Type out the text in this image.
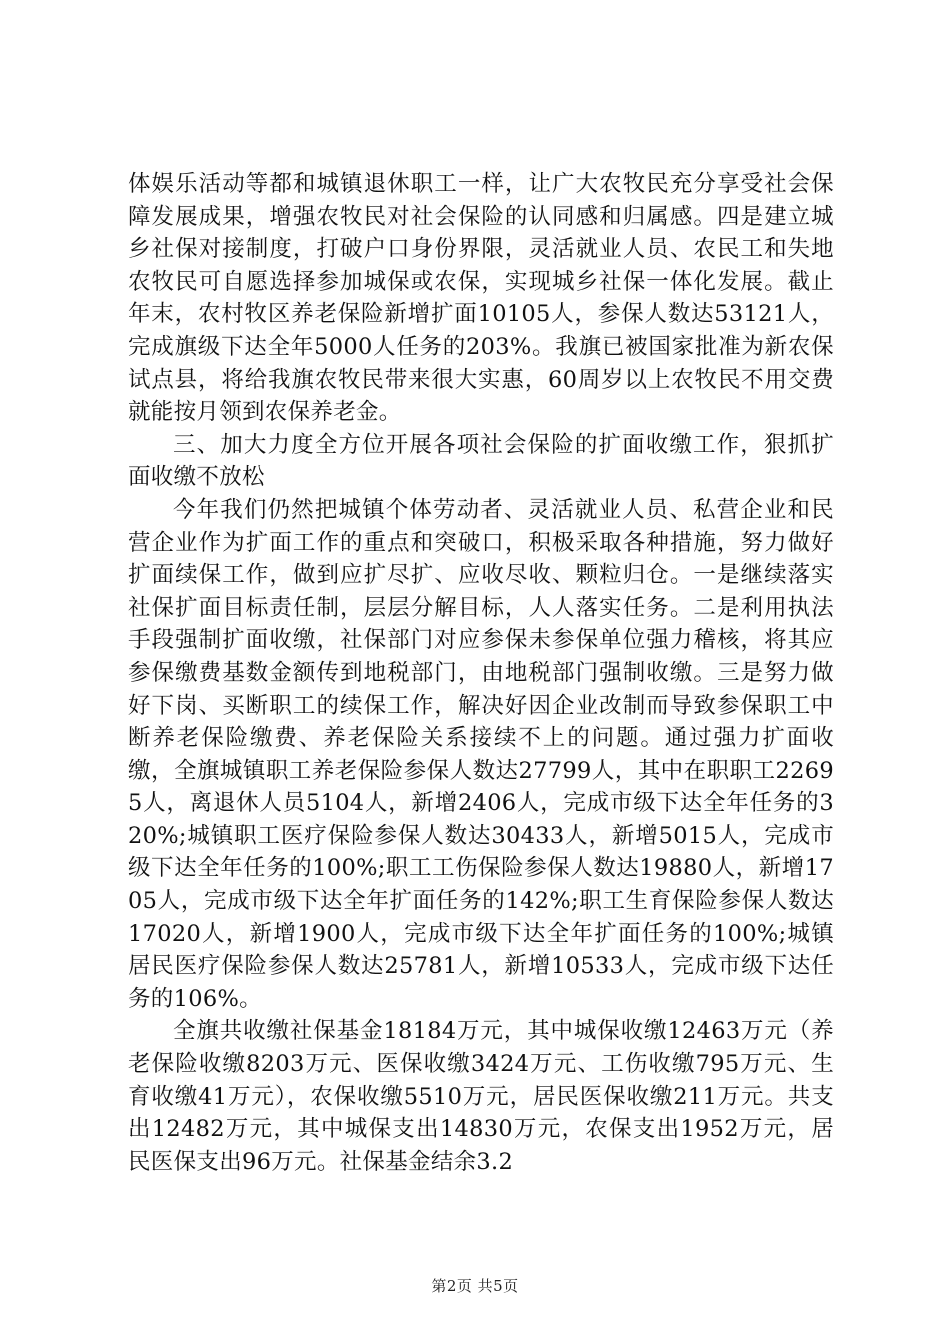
体娱乐活动等都和城镇退休职工一样，让广大农牧民充分享受社会保障发展成果，增强农牧民对社会保险的认同感和归属感。四是建立城乡社保对接制度，打破户口身份界限，灵活就业人员、农民工和失地农牧民可自愿选择参加城保或农保，实现城乡社保一体化发展。截止年末，农村牧区养老保险新增扩面10105人，参保人数达53121人，完成旗级下达全年5000人任务的203%。我旗已被国家批准为新农保试点县，将给我旗农牧民带来很大实惠，60周岁以上农牧民不用交费就能按月领到农保养老金。

三、加大力度全方位开展各项社会保险的扩面收缴工作，狠抓扩面收缴不放松

今年我们仍然把城镇个体劳动者、灵活就业人员、私营企业和民营企业作为扩面工作的重点和突破口，积极采取各种措施，努力做好扩面续保工作，做到应扩尽扩、应收尽收、颗粒归仓。一是继续落实社保扩面目标责任制，层层分解目标，人人落实任务。二是利用执法手段强制扩面收缴，社保部门对应参保未参保单位强力稽核，将其应参保缴费基数金额传到地税部门，由地税部门强制收缴。三是努力做好下岗、买断职工的续保工作，解决好因企业改制而导致参保职工中断养老保险缴费、养老保险关系接续不上的问题。通过强力扩面收缴，全旗城镇职工养老保险参保人数达27799人，其中在职职工22695人，离退休人员5104人，新增2406人，完成市级下达全年任务的320%;城镇职工医疗保险参保人数达30433人，新增5015人，完成市级下达全年任务的100%;职工工伤保险参保人数达19880人，新增1705人，完成市级下达全年扩面任务的142%;职工生育保险参保人数达17020人，新增1900人，完成市级下达全年扩面任务的100%;城镇居民医疗保险参保人数达25781人，新增10533人，完成市级下达任务的106%。

全旗共收缴社保基金18184万元，其中城保收缴12463万元（养老保险收缴8203万元、医保收缴3424万元、工伤收缴795万元、生育收缴41万元），农保收缴5510万元，居民医保收缴211万元。共支出12482万元，其中城保支出14830万元，农保支出1952万元，居民医保支出96万元。社保基金结余3.2

第2页 共5页
